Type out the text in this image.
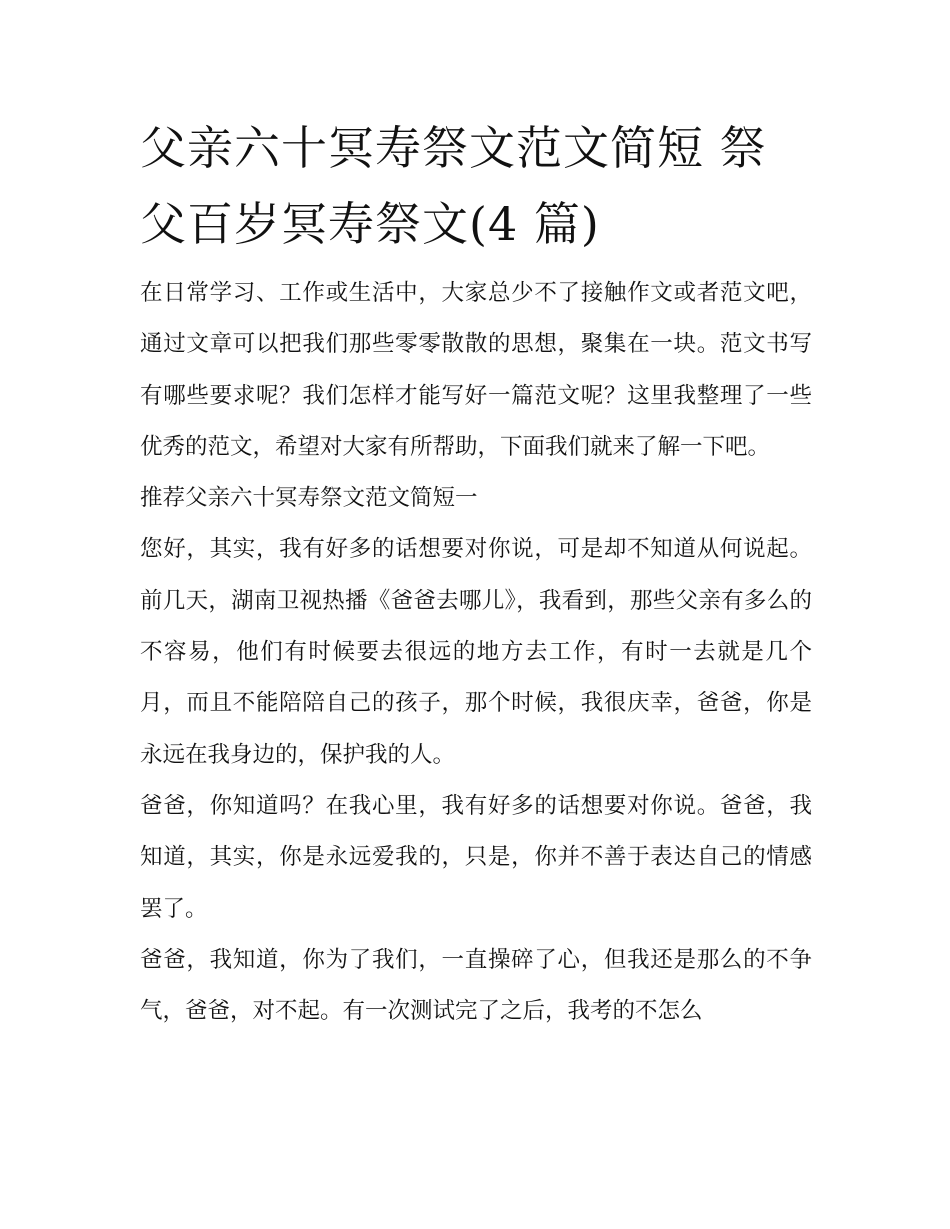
父亲六十冥寿祭文范文简短 祭父百岁冥寿祭文(4 篇)

在日常学习、工作或生活中，大家总少不了接触作文或者范文吧，通过文章可以把我们那些零零散散的思想，聚集在一块。范文书写有哪些要求呢？我们怎样才能写好一篇范文呢？这里我整理了一些优秀的范文，希望对大家有所帮助，下面我们就来了解一下吧。

推荐父亲六十冥寿祭文范文简短一

您好，其实，我有好多的话想要对你说，可是却不知道从何说起。前几天，湖南卫视热播《爸爸去哪儿》，我看到，那些父亲有多么的不容易，他们有时候要去很远的地方去工作，有时一去就是几个月，而且不能陪陪自己的孩子，那个时候，我很庆幸，爸爸，你是永远在我身边的，保护我的人。

爸爸，你知道吗？在我心里，我有好多的话想要对你说。爸爸，我知道，其实，你是永远爱我的，只是，你并不善于表达自己的情感罢了。

爸爸，我知道，你为了我们，一直操碎了心，但我还是那么的不争气，爸爸，对不起。有一次测试完了之后，我考的不怎么
